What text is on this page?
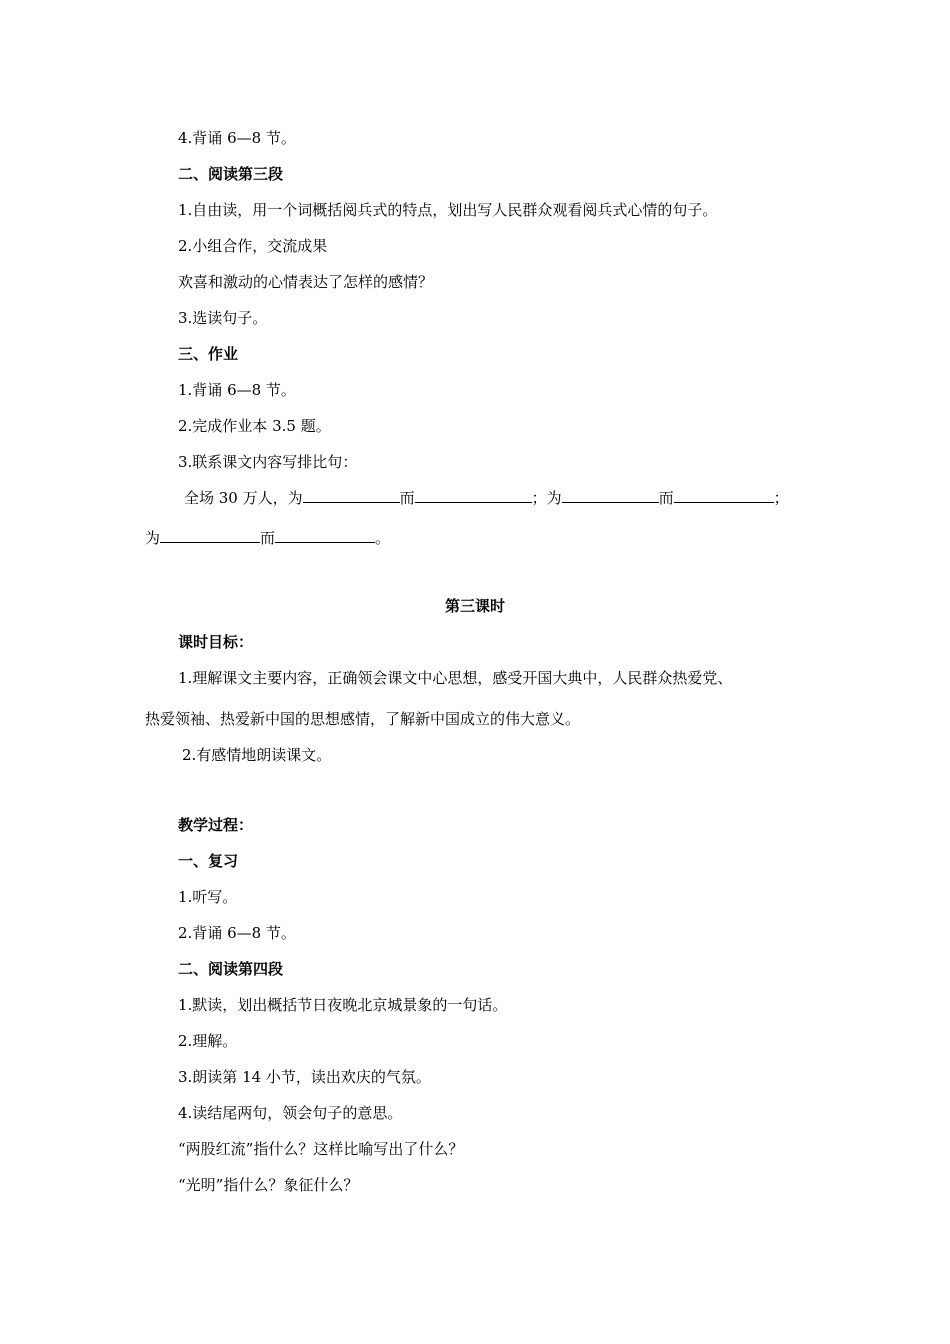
4.背诵 6—8 节。
二、阅读第三段
1.自由读，用一个词概括阅兵式的特点，划出写人民群众观看阅兵式心情的句子。
2.小组合作，交流成果
欢喜和激动的心情表达了怎样的感情？
3.选读句子。
三、作业
1.背诵 6—8 节。
2.完成作业本 3.5 题。
3.联系课文内容写排比句：
全场 30 万人，为	而	；为	而	；
为	而	。
第三课时
课时目标：
1.理解课文主要内容，正确领会课文中心思想，感受开国大典中，人民群众热爱党、
热爱领袖、热爱新中国的思想感情，了解新中国成立的伟大意义。
2.有感情地朗读课文。
教学过程：
一、复习
1.听写。
2.背诵 6—8 节。
二、阅读第四段
1.默读，划出概括节日夜晚北京城景象的一句话。
2.理解。
3.朗读第 14 小节，读出欢庆的气氛。
4.读结尾两句，领会句子的意思。
“两股红流”指什么？这样比喻写出了什么？
“光明”指什么？象征什么？
